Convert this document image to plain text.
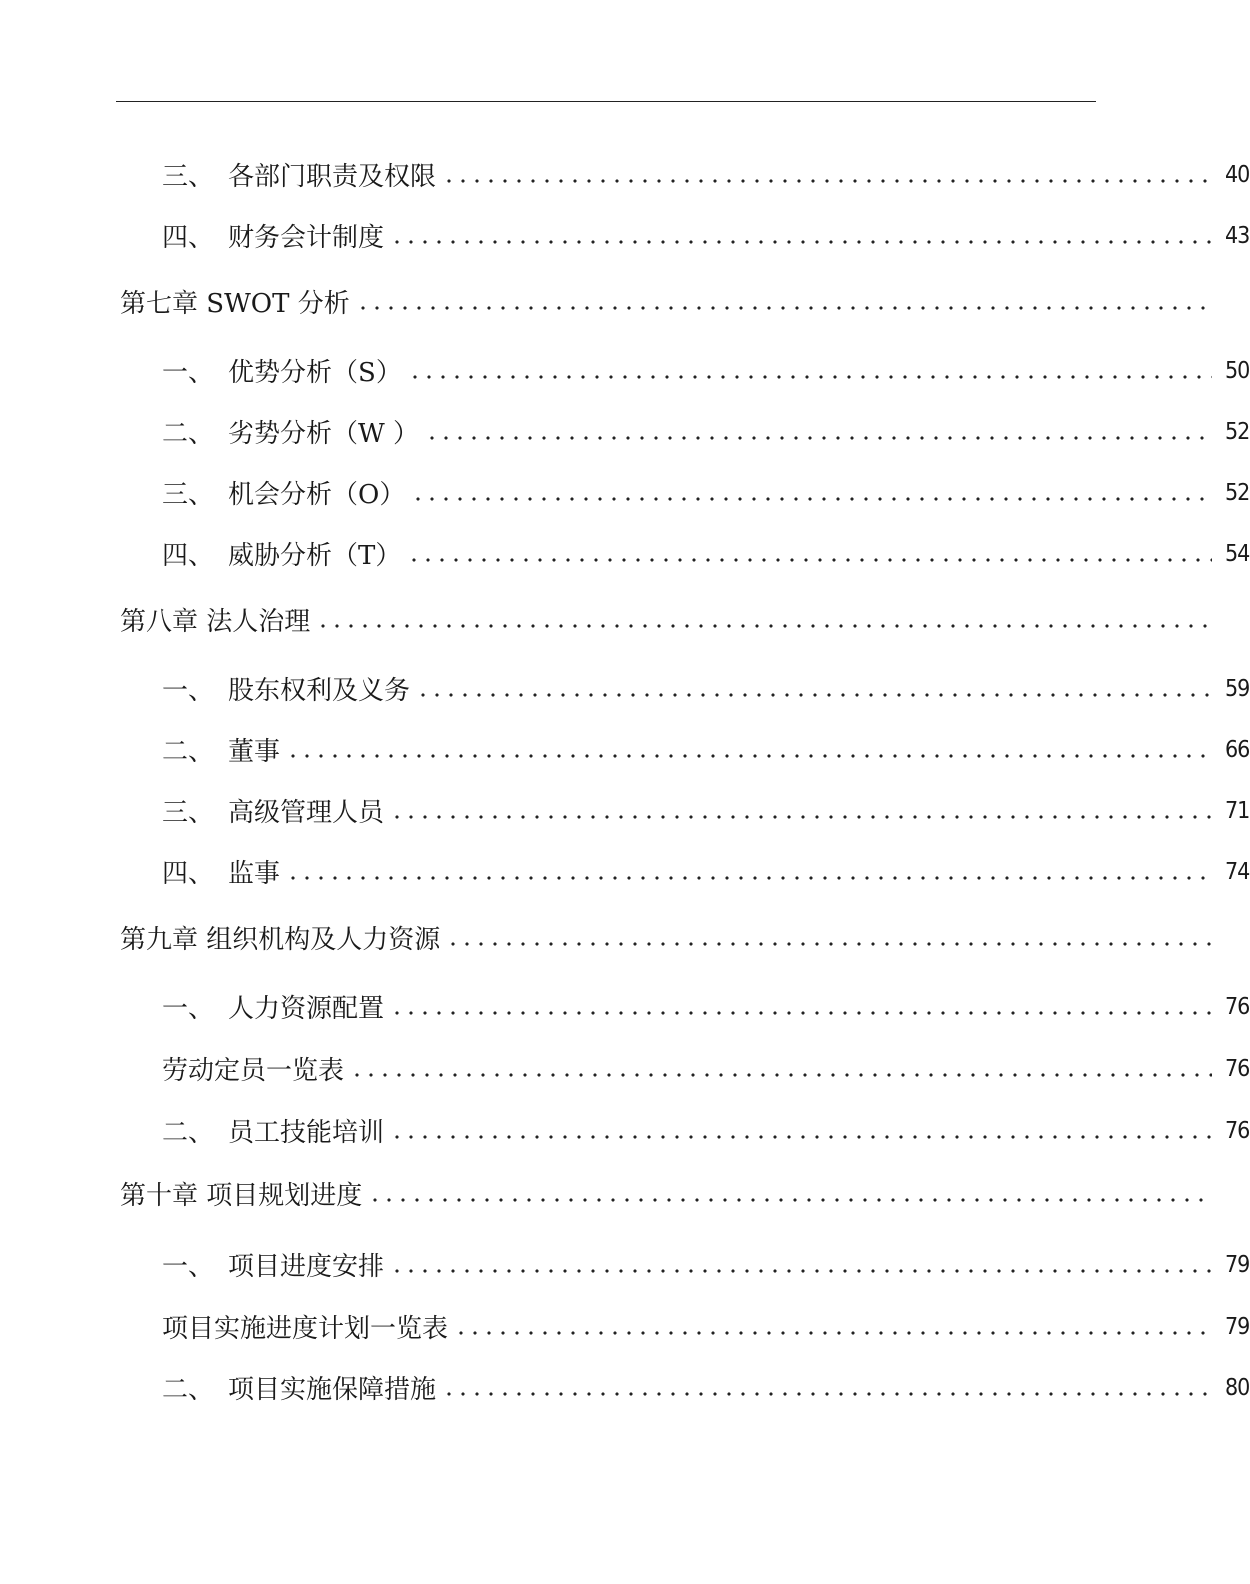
三、 各部门职责及权限	40
四、 财务会计制度	43
第七章 SWOT 分析
一、 优势分析（S）	50
二、 劣势分析（W ）	52
三、 机会分析（O）	52
四、 威胁分析（T）	54
第八章 法人治理
一、 股东权利及义务	59
二、 董事	66
三、 高级管理人员	71
四、 监事	74
第九章 组织机构及人力资源
一、 人力资源配置	76
劳动定员一览表	76
二、 员工技能培训	76
第十章 项目规划进度
一、 项目进度安排	79
项目实施进度计划一览表	79
二、 项目实施保障措施	80
